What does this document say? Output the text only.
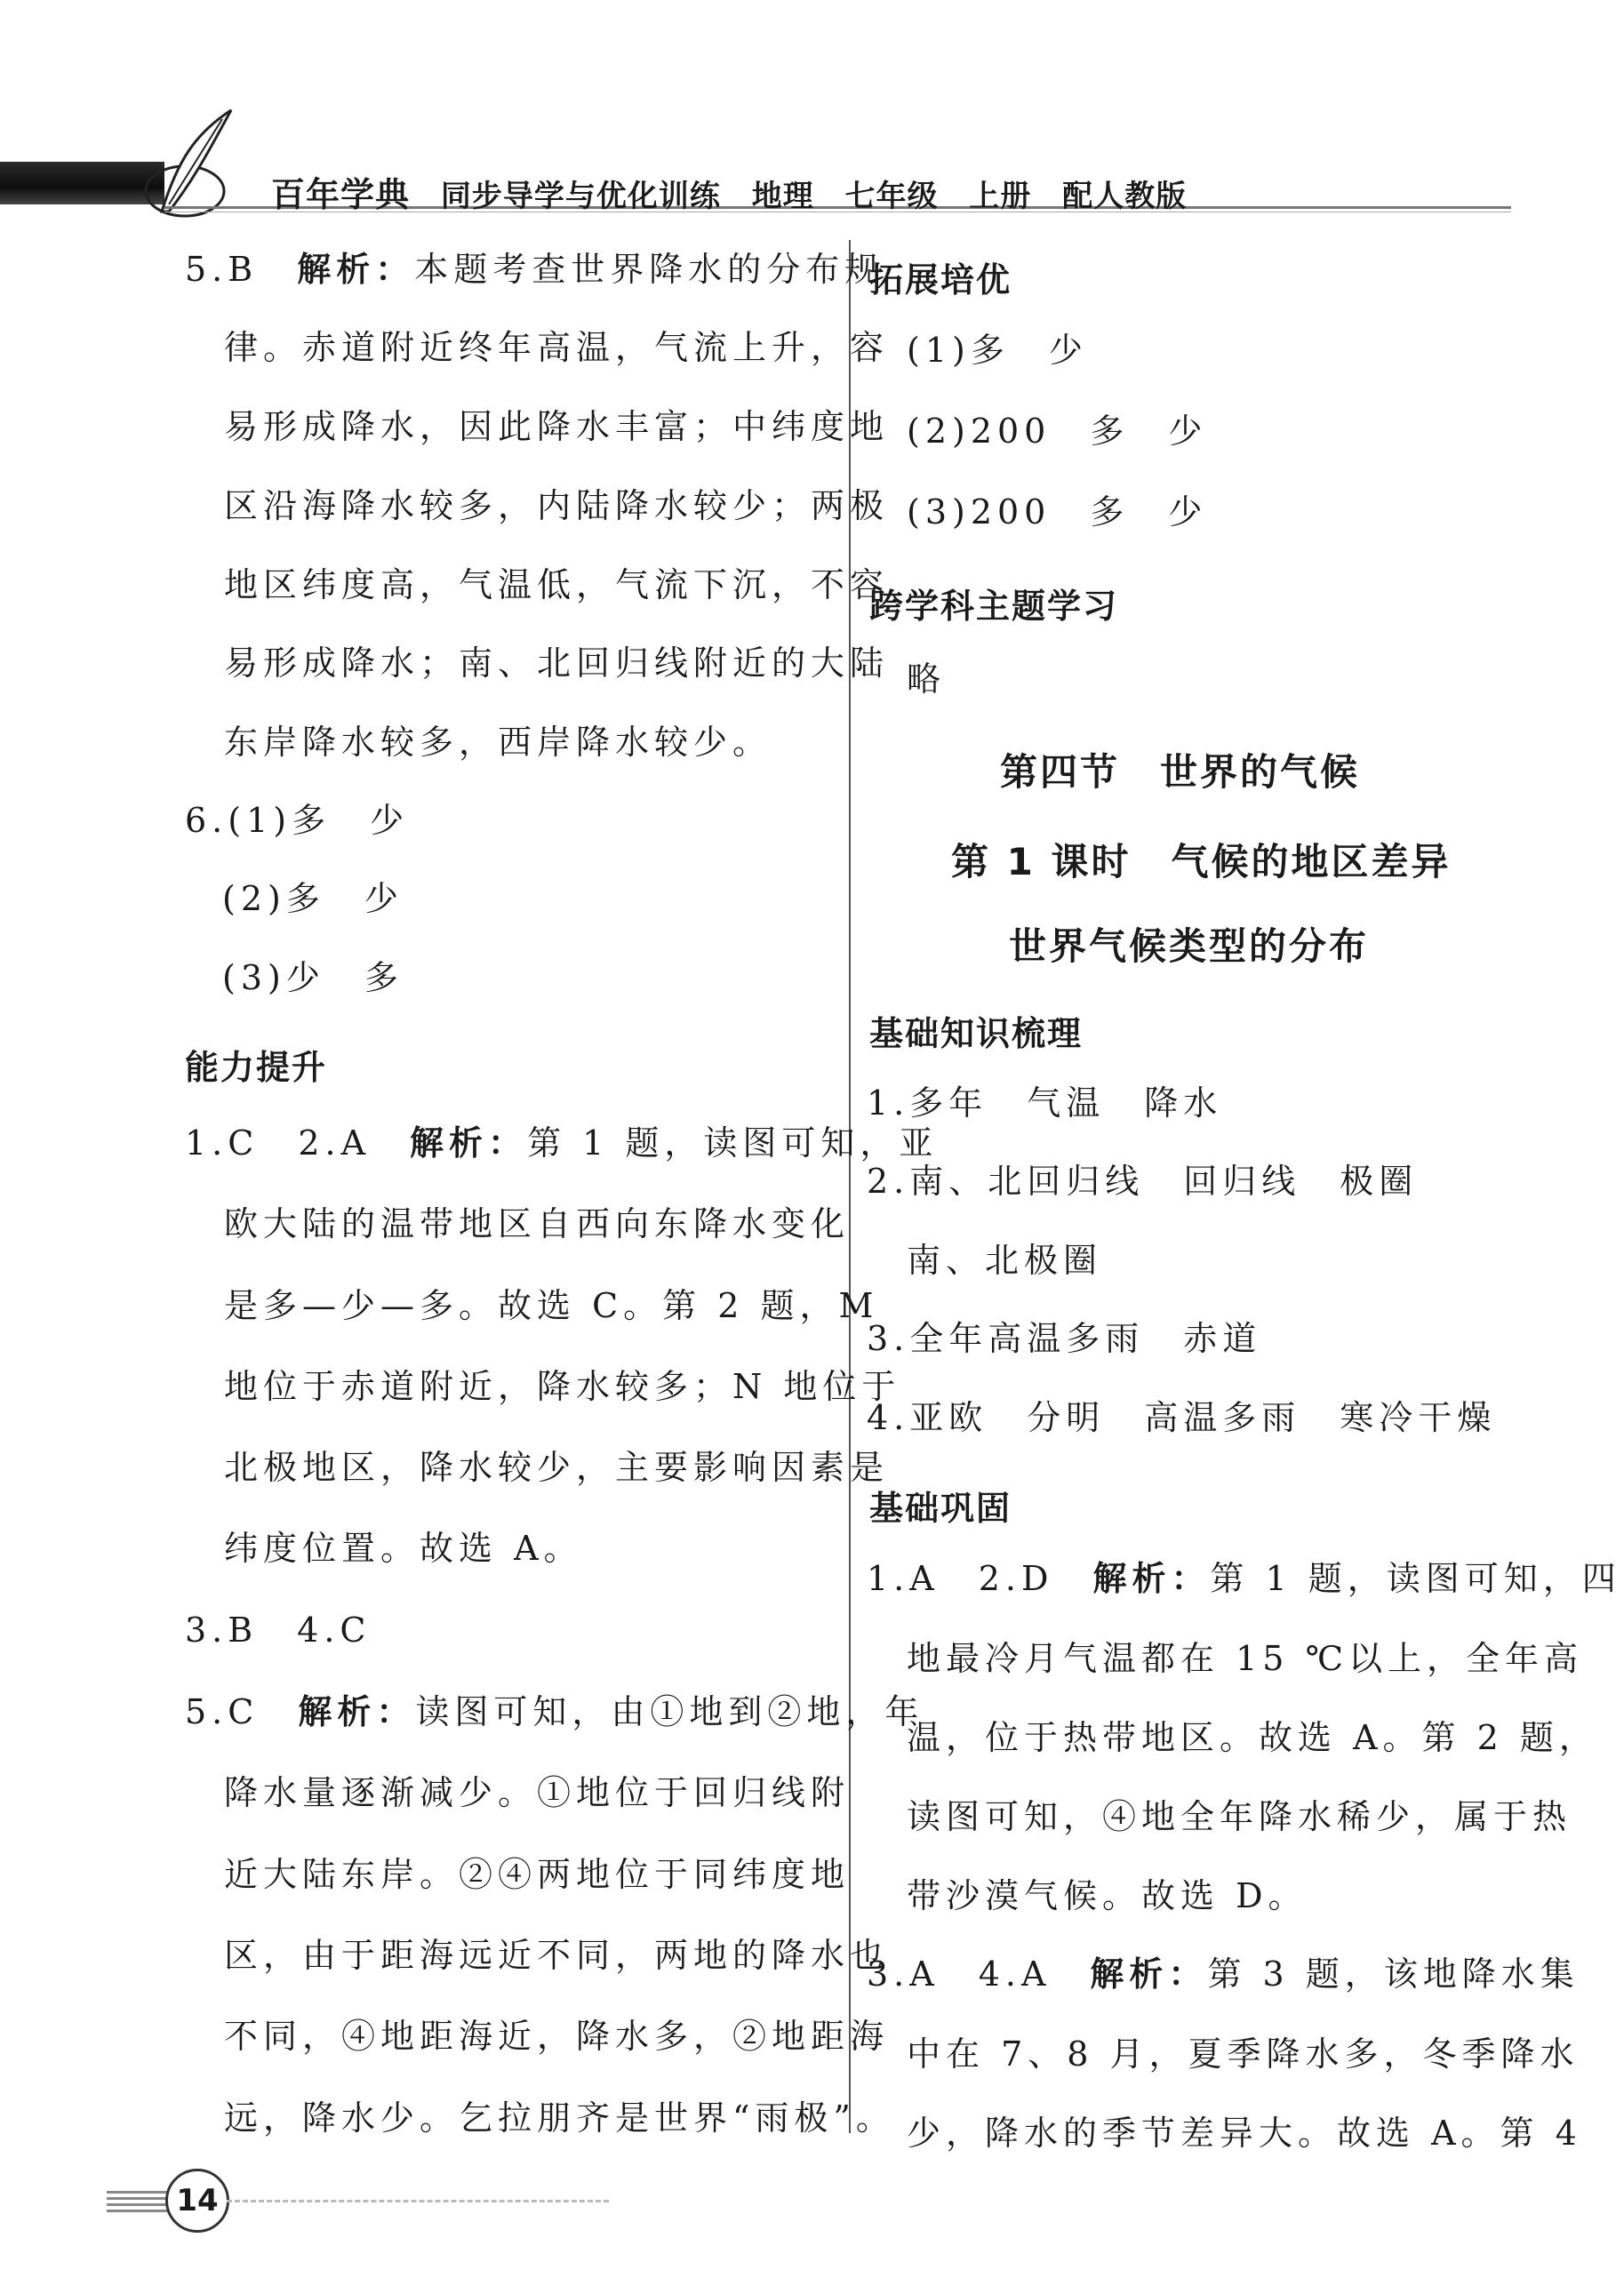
百年学典 同步导学与优化训练 地理 七年级 上册 配人教版
5.B　 解析：本题考查世界降水的分布规
律。赤道附近终年高温，气流上升，容
易形成降水，因此降水丰富；中纬度地
区沿海降水较多，内陆降水较少；两极
地区纬度高，气温低，气流下沉，不容
易形成降水；南、北回归线附近的大陆
东岸降水较多，西岸降水较少。
6.(1)多　少
(2)多　少
(3)少　多
能力提升
1.C　2.A　 解析：第 1 题，读图可知，亚
欧大陆的温带地区自西向东降水变化
是多—少—多。故选 C。第 2 题，M
地位于赤道附近，降水较多；N 地位于
北极地区，降水较少，主要影响因素是
纬度位置。故选 A。
3.B　4.C
5.C　 解析：读图可知，由①地到②地，年
降水量逐渐减少。①地位于回归线附
近大陆东岸。②④两地位于同纬度地
区，由于距海远近不同，两地的降水也
不同，④地距海近，降水多，②地距海
远，降水少。乞拉朋齐是世界“雨极”。
拓展培优
(1)多　少
(2)200　多　少
(3)200　多　少
跨学科主题学习
略
第四节　世界的气候
第 1 课时　气候的地区差异
世界气候类型的分布
基础知识梳理
1.多年　气温　降水
2.南、北回归线　回归线　极圈
南、北极圈
3.全年高温多雨　赤道
4.亚欧　分明　高温多雨　寒冷干燥
基础巩固
1.A　2.D　 解析：第 1 题，读图可知，四
地最冷月气温都在 15 ℃以上，全年高
温，位于热带地区。故选 A。第 2 题，
读图可知，④地全年降水稀少，属于热
带沙漠气候。故选 D。
3.A　4.A　 解析：第 3 题，该地降水集
中在 7、8 月，夏季降水多，冬季降水
少，降水的季节差异大。故选 A。第 4
14
